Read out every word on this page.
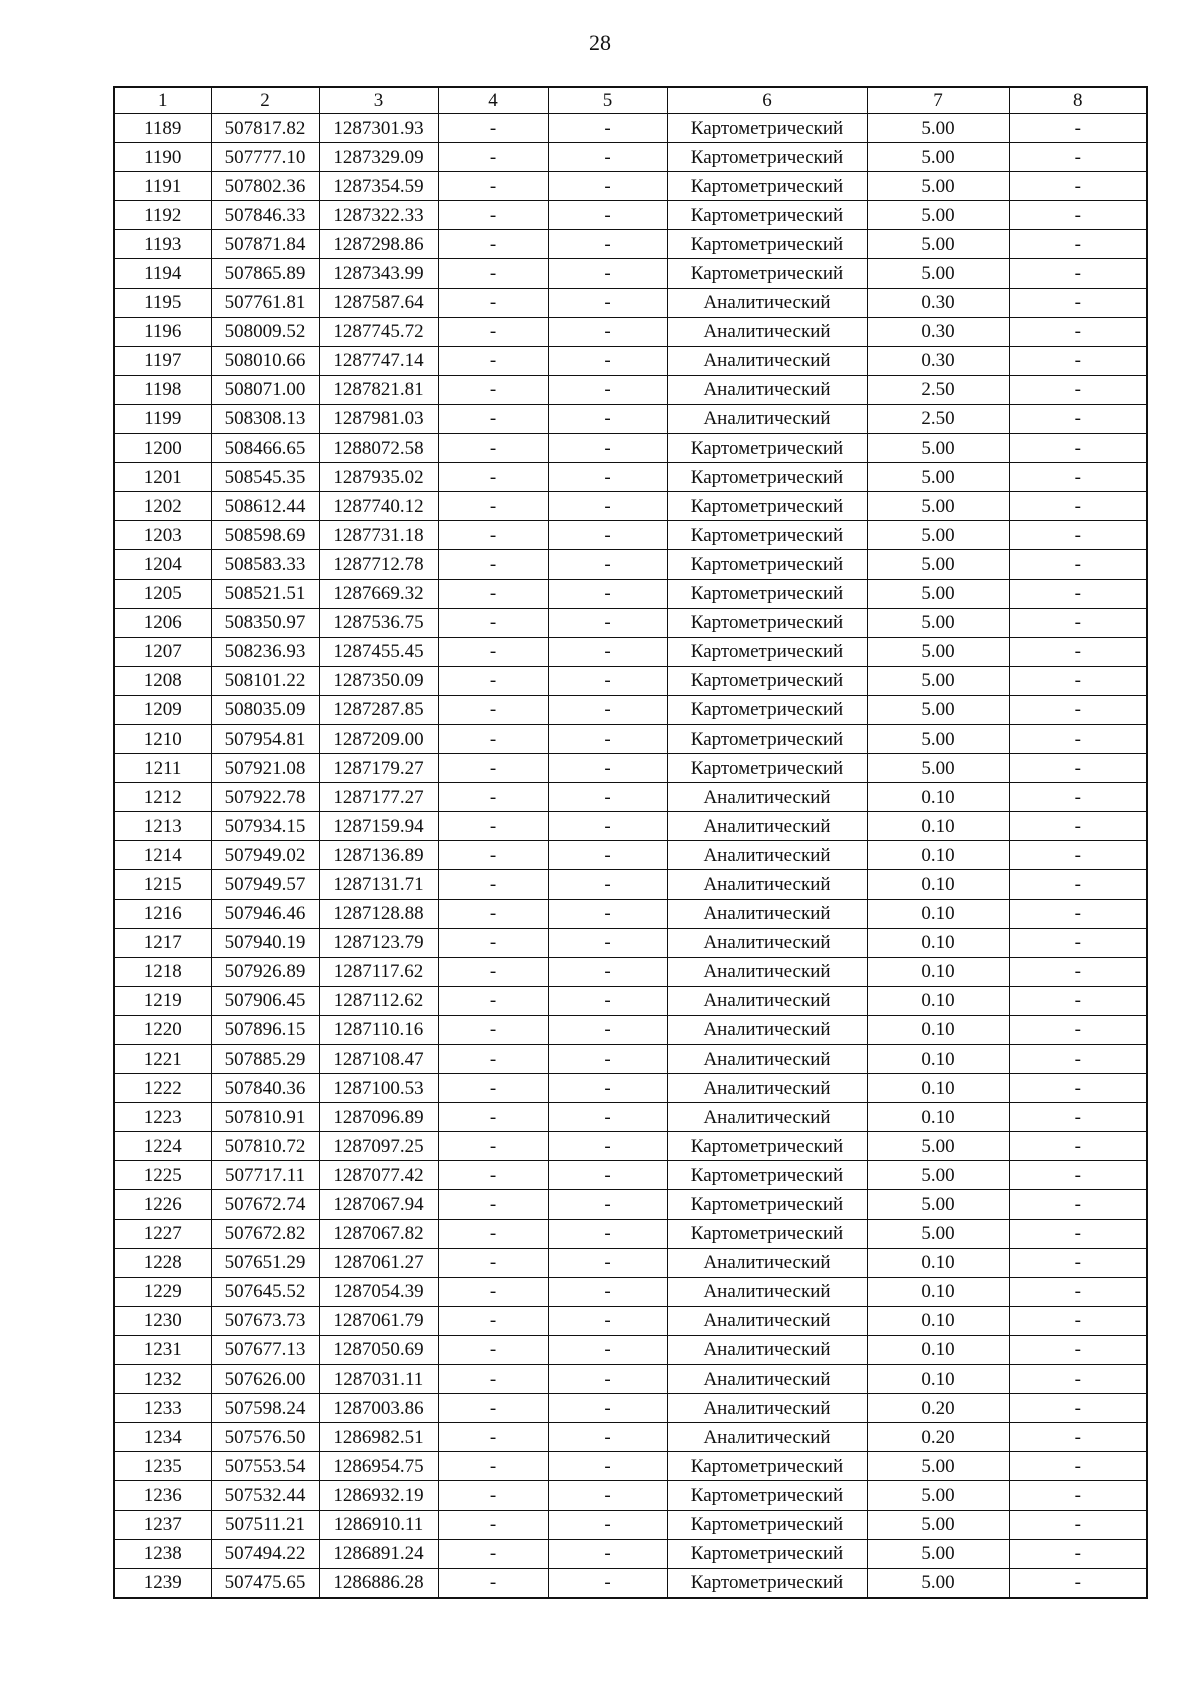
28
1	2	3	4	5	6	7	8
1189	507817.82	1287301.93	-	-	Картометрический	5.00	-
1190	507777.10	1287329.09	-	-	Картометрический	5.00	-
1191	507802.36	1287354.59	-	-	Картометрический	5.00	-
1192	507846.33	1287322.33	-	-	Картометрический	5.00	-
1193	507871.84	1287298.86	-	-	Картометрический	5.00	-
1194	507865.89	1287343.99	-	-	Картометрический	5.00	-
1195	507761.81	1287587.64	-	-	Аналитический	0.30	-
1196	508009.52	1287745.72	-	-	Аналитический	0.30	-
1197	508010.66	1287747.14	-	-	Аналитический	0.30	-
1198	508071.00	1287821.81	-	-	Аналитический	2.50	-
1199	508308.13	1287981.03	-	-	Аналитический	2.50	-
1200	508466.65	1288072.58	-	-	Картометрический	5.00	-
1201	508545.35	1287935.02	-	-	Картометрический	5.00	-
1202	508612.44	1287740.12	-	-	Картометрический	5.00	-
1203	508598.69	1287731.18	-	-	Картометрический	5.00	-
1204	508583.33	1287712.78	-	-	Картометрический	5.00	-
1205	508521.51	1287669.32	-	-	Картометрический	5.00	-
1206	508350.97	1287536.75	-	-	Картометрический	5.00	-
1207	508236.93	1287455.45	-	-	Картометрический	5.00	-
1208	508101.22	1287350.09	-	-	Картометрический	5.00	-
1209	508035.09	1287287.85	-	-	Картометрический	5.00	-
1210	507954.81	1287209.00	-	-	Картометрический	5.00	-
1211	507921.08	1287179.27	-	-	Картометрический	5.00	-
1212	507922.78	1287177.27	-	-	Аналитический	0.10	-
1213	507934.15	1287159.94	-	-	Аналитический	0.10	-
1214	507949.02	1287136.89	-	-	Аналитический	0.10	-
1215	507949.57	1287131.71	-	-	Аналитический	0.10	-
1216	507946.46	1287128.88	-	-	Аналитический	0.10	-
1217	507940.19	1287123.79	-	-	Аналитический	0.10	-
1218	507926.89	1287117.62	-	-	Аналитический	0.10	-
1219	507906.45	1287112.62	-	-	Аналитический	0.10	-
1220	507896.15	1287110.16	-	-	Аналитический	0.10	-
1221	507885.29	1287108.47	-	-	Аналитический	0.10	-
1222	507840.36	1287100.53	-	-	Аналитический	0.10	-
1223	507810.91	1287096.89	-	-	Аналитический	0.10	-
1224	507810.72	1287097.25	-	-	Картометрический	5.00	-
1225	507717.11	1287077.42	-	-	Картометрический	5.00	-
1226	507672.74	1287067.94	-	-	Картометрический	5.00	-
1227	507672.82	1287067.82	-	-	Картометрический	5.00	-
1228	507651.29	1287061.27	-	-	Аналитический	0.10	-
1229	507645.52	1287054.39	-	-	Аналитический	0.10	-
1230	507673.73	1287061.79	-	-	Аналитический	0.10	-
1231	507677.13	1287050.69	-	-	Аналитический	0.10	-
1232	507626.00	1287031.11	-	-	Аналитический	0.10	-
1233	507598.24	1287003.86	-	-	Аналитический	0.20	-
1234	507576.50	1286982.51	-	-	Аналитический	0.20	-
1235	507553.54	1286954.75	-	-	Картометрический	5.00	-
1236	507532.44	1286932.19	-	-	Картометрический	5.00	-
1237	507511.21	1286910.11	-	-	Картометрический	5.00	-
1238	507494.22	1286891.24	-	-	Картометрический	5.00	-
1239	507475.65	1286886.28	-	-	Картометрический	5.00	-
